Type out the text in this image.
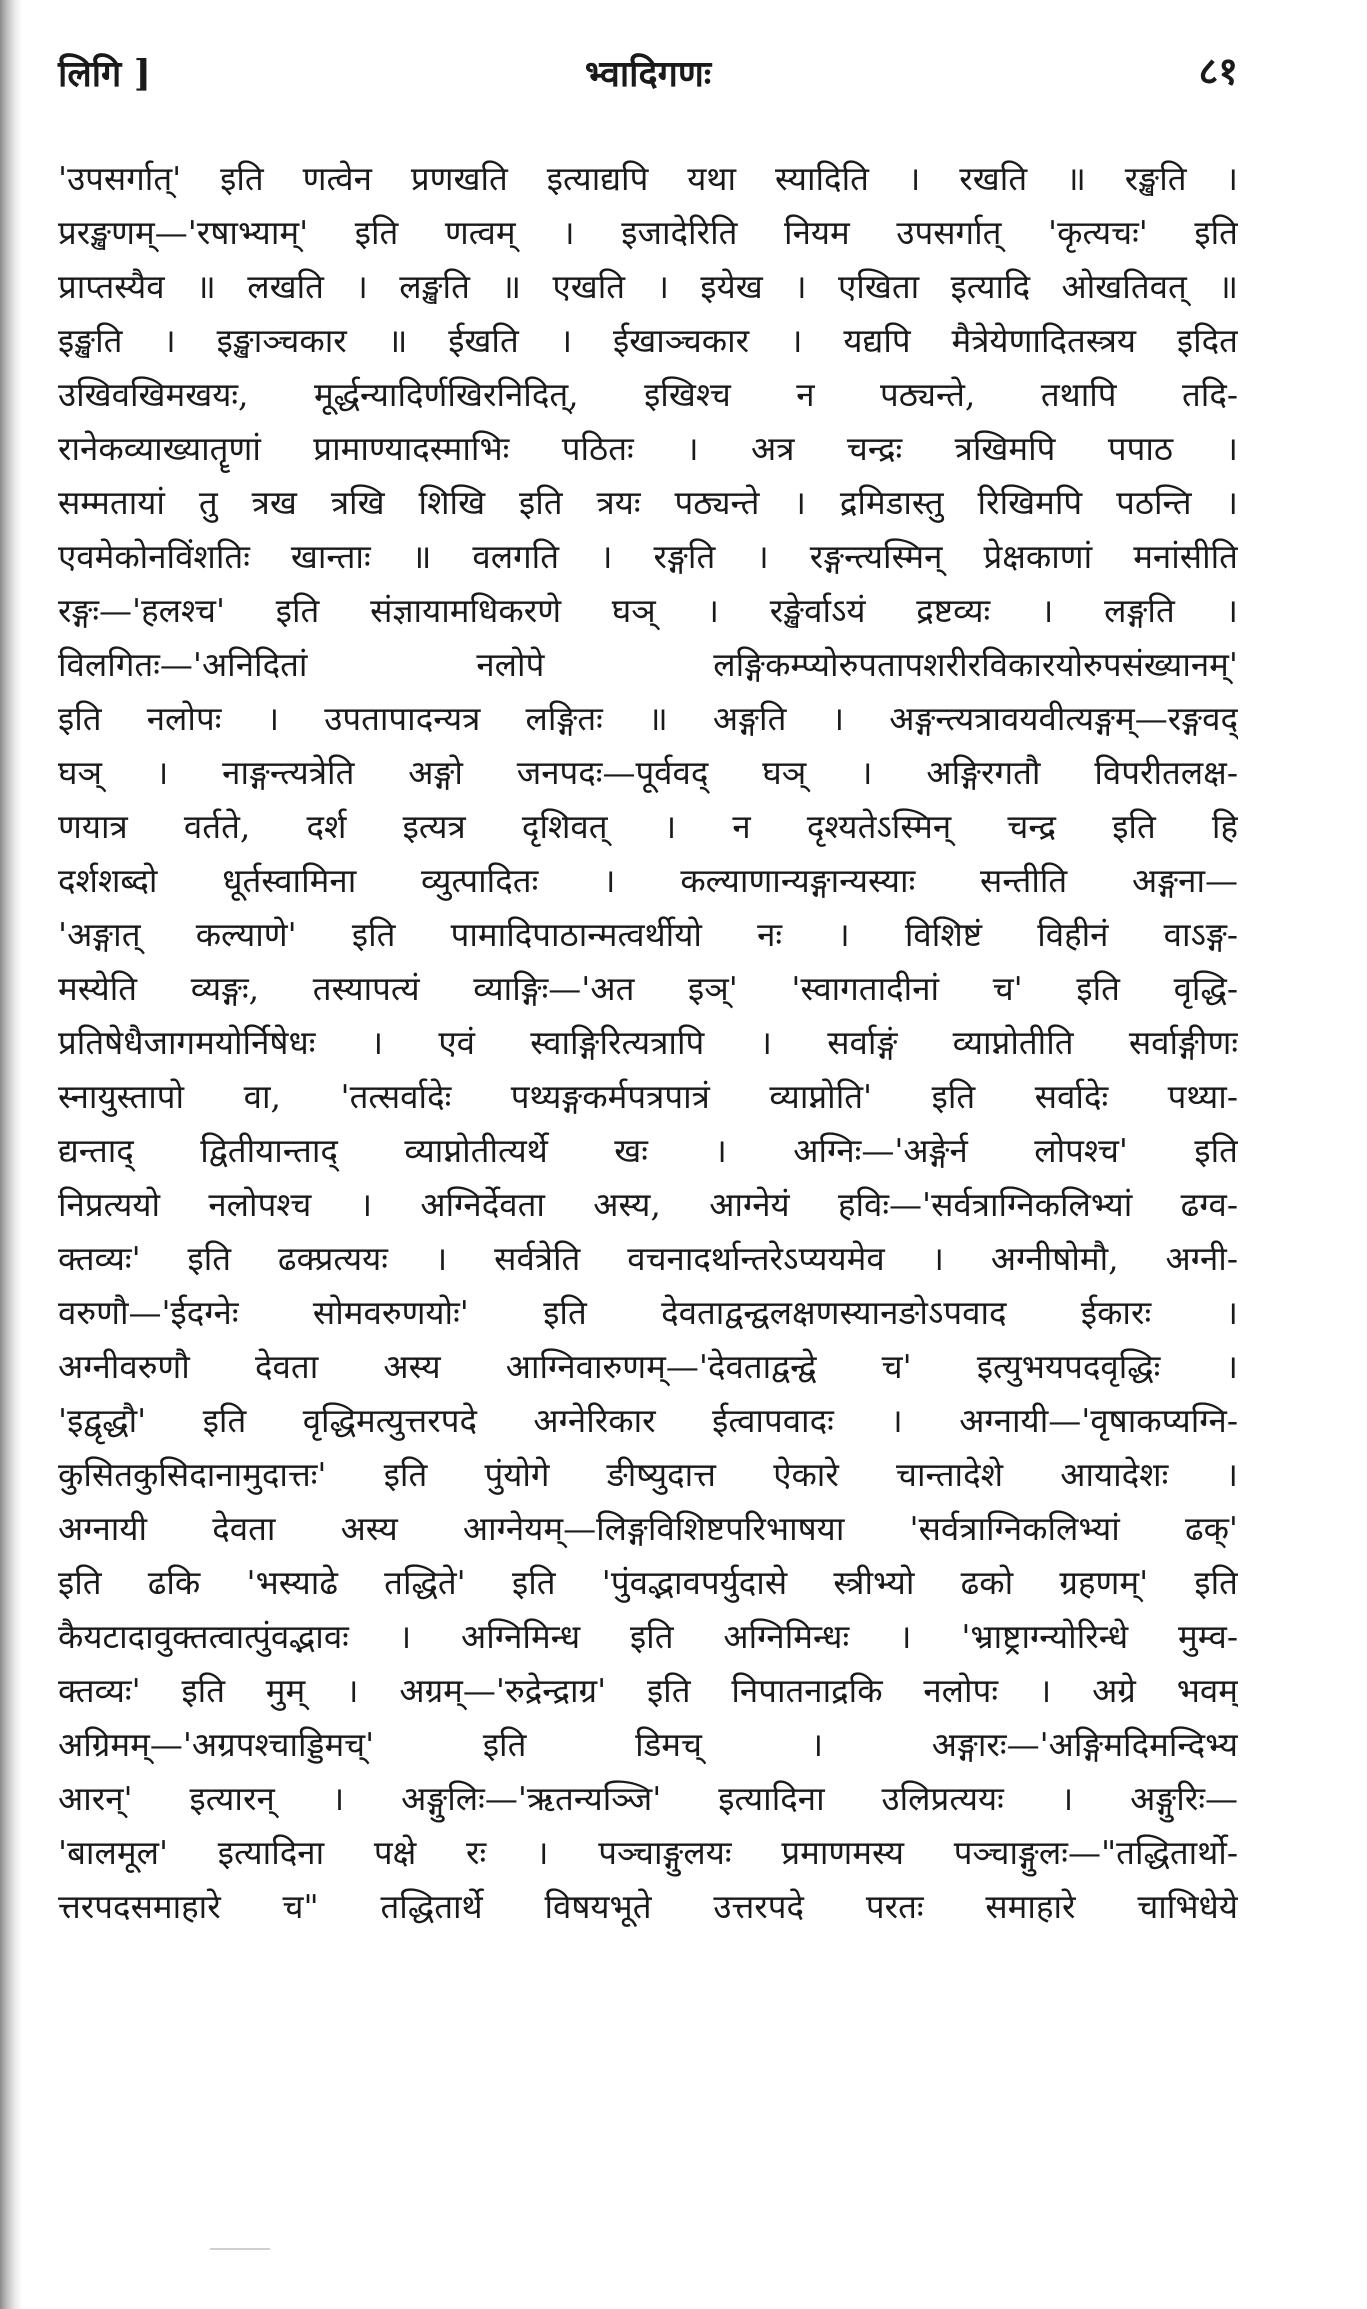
लिगि ]	भ्वादिगणः	८१

'उपसर्गात्' इति णत्वेन प्रणखति इत्याद्यपि यथा स्यादिति । रखति ॥ रङ्खति ।

प्ररङ्खणम्—'रषाभ्याम्' इति णत्वम् । इजादेरिति नियम उपसर्गात् 'कृत्यचः' इति

प्राप्तस्यैव ॥ लखति । लङ्खति ॥ एखति । इयेख । एखिता इत्यादि ओखतिवत् ॥

इङ्खति । इङ्खाञ्चकार ॥ ईखति । ईखाञ्चकार । यद्यपि मैत्रेयेणादितस्त्रय इदित

उखिवखिमखयः, मूर्द्धन्यादिर्णखिरनिदित्, इखिश्च न पठ्यन्ते, तथापि तदि-

रानेकव्याख्यातॄणां प्रामाण्यादस्माभिः पठितः । अत्र चन्द्रः त्रखिमपि पपाठ ।

सम्मतायां तु त्रख त्रखि शिखि इति त्रयः पठ्यन्ते । द्रमिडास्तु रिखिमपि पठन्ति ।

एवमेकोनविंशतिः खान्ताः ॥ वलगति । रङ्गति । रङ्गन्त्यस्मिन् प्रेक्षकाणां मनांसीति

रङ्गः—'हलश्च' इति संज्ञायामधिकरणे घञ् । रङ्खेर्वाऽयं द्रष्टव्यः । लङ्गति ।

विलगितः—'अनिदितां नलोपे लङ्गिकम्प्योरुपतापशरीरविकारयोरुपसंख्यानम्'

इति नलोपः । उपतापादन्यत्र लङ्गितः ॥ अङ्गति । अङ्गन्त्यत्रावयवीत्यङ्गम्—रङ्गवद्

घञ् । नाङ्गन्त्यत्रेति अङ्गो जनपदः—पूर्ववद् घञ् । अङ्गिरगतौ विपरीतलक्ष-

णयात्र वर्तते, दर्श इत्यत्र दृशिवत् । न दृश्यतेऽस्मिन् चन्द्र इति हि

दर्शशब्दो धूर्तस्वामिना व्युत्पादितः । कल्याणान्यङ्गान्यस्याः सन्तीति अङ्गना—

'अङ्गात् कल्याणे' इति पामादिपाठान्मत्वर्थीयो नः । विशिष्टं विहीनं वाऽङ्ग-

मस्येति व्यङ्गः, तस्यापत्यं व्याङ्गिः—'अत इञ्' 'स्वागतादीनां च' इति वृद्धि-

प्रतिषेधैजागमयोर्निषेधः । एवं स्वाङ्गिरित्यत्रापि । सर्वाङ्गं व्याप्नोतीति सर्वाङ्गीणः

स्नायुस्तापो वा, 'तत्सर्वादेः पथ्यङ्गकर्मपत्रपात्रं व्याप्नोति' इति सर्वादेः पथ्या-

द्यन्ताद् द्वितीयान्ताद् व्याप्नोतीत्यर्थे खः । अग्निः—'अङ्गेर्न लोपश्च' इति

निप्रत्ययो नलोपश्च । अग्निर्देवता अस्य, आग्नेयं हविः—'सर्वत्राग्निकलिभ्यां ढग्व-

क्तव्यः' इति ढक्प्रत्ययः । सर्वत्रेति वचनादर्थान्तरेऽप्ययमेव । अग्नीषोमौ, अग्नी-

वरुणौ—'ईदग्नेः सोमवरुणयोः' इति देवताद्वन्द्वलक्षणस्यानङोऽपवाद ईकारः ।

अग्नीवरुणौ देवता अस्य आग्निवारुणम्—'देवताद्वन्द्वे च' इत्युभयपदवृद्धिः ।

'इद्वृद्धौ' इति वृद्धिमत्युत्तरपदे अग्नेरिकार ईत्वापवादः । अग्नायी—'वृषाकप्यग्नि-

कुसितकुसिदानामुदात्तः' इति पुंयोगे ङीष्युदात्त ऐकारे चान्तादेशे आयादेशः ।

अग्नायी देवता अस्य आग्नेयम्—लिङ्गविशिष्टपरिभाषया 'सर्वत्राग्निकलिभ्यां ढक्'

इति ढकि 'भस्याढे तद्धिते' इति 'पुंवद्भावपर्युदासे स्त्रीभ्यो ढको ग्रहणम्' इति

कैयटादावुक्तत्वात्पुंवद्भावः । अग्निमिन्ध इति अग्निमिन्धः । 'भ्राष्ट्राग्न्योरिन्धे मुम्व-

क्तव्यः' इति मुम् । अग्रम्—'रुद्रेन्द्राग्र' इति निपातनाद्रकि नलोपः । अग्रे भवम्

अग्रिमम्—'अग्रपश्चाड्डिमच्' इति डिमच् । अङ्गारः—'अङ्गिमदिमन्दिभ्य

आरन्' इत्यारन् । अङ्गुलिः—'ऋतन्यञ्जि' इत्यादिना उलिप्रत्ययः । अङ्गुरिः—

'बालमूल' इत्यादिना पक्षे रः । पञ्चाङ्गुलयः प्रमाणमस्य पञ्चाङ्गुलः—"तद्धितार्थो-

त्तरपदसमाहारे च" तद्धितार्थे विषयभूते उत्तरपदे परतः समाहारे चाभिधेये
